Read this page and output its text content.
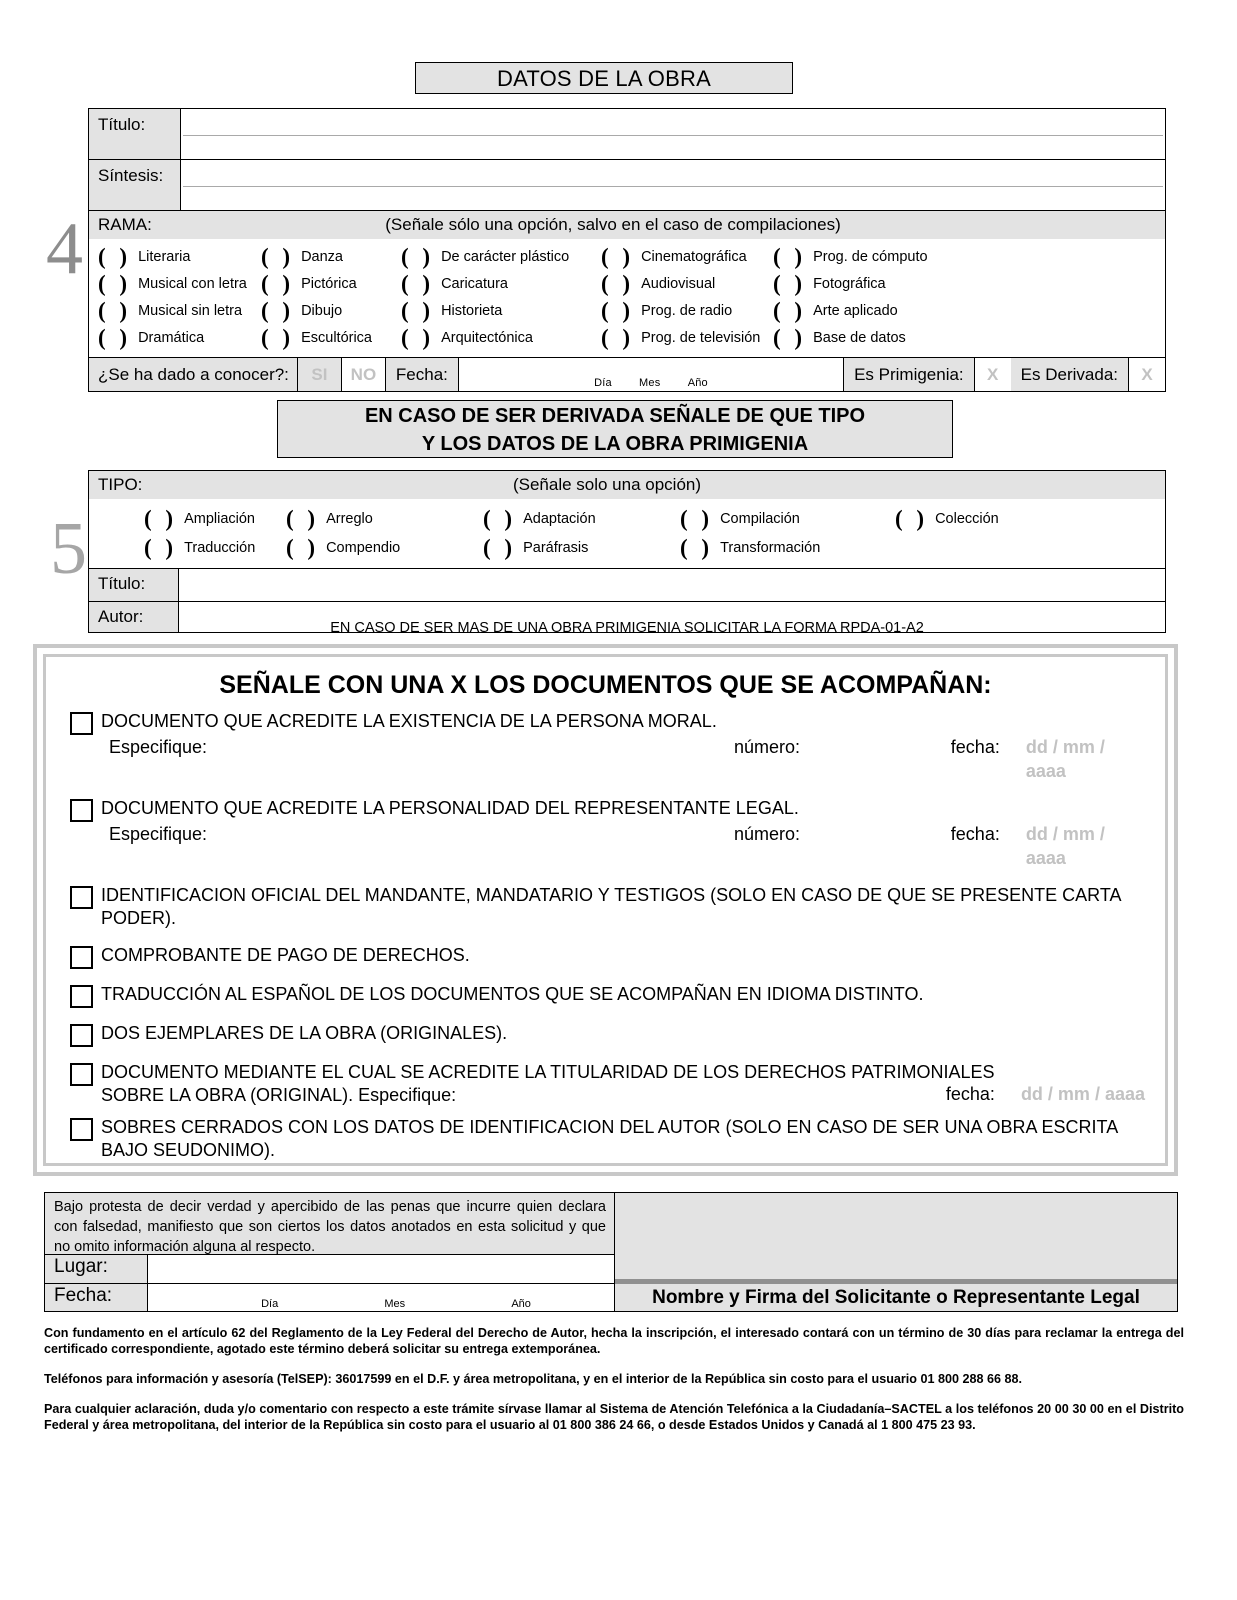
DATOS DE LA OBRA
4
5
Título:
Síntesis:
RAMA:	(Señale sólo una opción, salvo en el caso de compilaciones)
( ) Literaria	( ) Danza	( ) De carácter plástico ( ) Cinematográfica ( ) Prog. de cómputo
( ) Musical con letra ( ) Pictórica ( ) Caricatura	( ) Audiovisual	( ) Fotográfica
( ) Musical sin letra ( ) Dibujo	( ) Historieta	( ) Prog. de radio ( ) Arte aplicado
( ) Dramática ( ) Escultórica ( ) Arquitectónica	( ) Prog. de televisión ( ) Base de datos
¿Se ha dado a conocer?:	SI	NO	Fecha:	Día Mes Año	Es Primigenia:	X	Es Derivada:	X
EN CASO DE SER DERIVADA SEÑALE DE QUE TIPO
Y LOS DATOS DE LA OBRA PRIMIGENIA
TIPO:	(Señale solo una opción)
( ) Ampliación ( ) Arreglo	( ) Adaptación	( ) Compilación	( ) Colección
( ) Traducción ( ) Compendio	( ) Paráfrasis	( ) Transformación
Título:
Autor:
EN CASO DE SER MAS DE UNA OBRA PRIMIGENIA SOLICITAR LA FORMA RPDA-01-A2
SEÑALE CON UNA X LOS DOCUMENTOS QUE SE ACOMPAÑAN:
DOCUMENTO QUE ACREDITE LA EXISTENCIA DE LA PERSONA MORAL.
Especifique:	número:	fecha: dd / mm / aaaa
DOCUMENTO QUE ACREDITE LA PERSONALIDAD DEL REPRESENTANTE LEGAL.
Especifique:	número:	fecha: dd / mm / aaaa
IDENTIFICACION OFICIAL DEL MANDANTE, MANDATARIO Y TESTIGOS (SOLO EN CASO DE QUE SE PRESENTE CARTA PODER).
COMPROBANTE DE PAGO DE DERECHOS.
TRADUCCIÓN AL ESPAÑOL DE LOS DOCUMENTOS QUE SE ACOMPAÑAN EN IDIOMA DISTINTO.
DOS EJEMPLARES DE LA OBRA (ORIGINALES).
DOCUMENTO MEDIANTE EL CUAL SE ACREDITE LA TITULARIDAD DE LOS DERECHOS PATRIMONIALES SOBRE LA OBRA (ORIGINAL). Especifique:	fecha: dd / mm / aaaa
SOBRES CERRADOS CON LOS DATOS DE IDENTIFICACION DEL AUTOR (SOLO EN CASO DE SER UNA OBRA ESCRITA BAJO SEUDONIMO).
Bajo protesta de decir verdad y apercibido de las penas que incurre quien declara con falsedad, manifiesto que son ciertos los datos anotados en esta solicitud y que no omito información alguna al respecto.
Nombre y Firma del Solicitante o Representante Legal
Lugar:
Fecha:	Día	Mes	Año

Con fundamento en el artículo 62 del Reglamento de la Ley Federal del Derecho de Autor, hecha la inscripción, el interesado contará con un término de 30 días para reclamar la entrega del certificado correspondiente, agotado este término deberá solicitar su entrega extemporánea.

Teléfonos para información y asesoría (TelSEP): 36017599 en el D.F. y área metropolitana, y en el interior de la República sin costo para el usuario 01 800 288 66 88.

Para cualquier aclaración, duda y/o comentario con respecto a este trámite sírvase llamar al Sistema de Atención Telefónica a la Ciudadanía–SACTEL a los teléfonos 20 00 30 00 en el Distrito Federal y área metropolitana, del interior de la República sin costo para el usuario al 01 800 386 24 66, o desde Estados Unidos y Canadá al 1 800 475 23 93.
